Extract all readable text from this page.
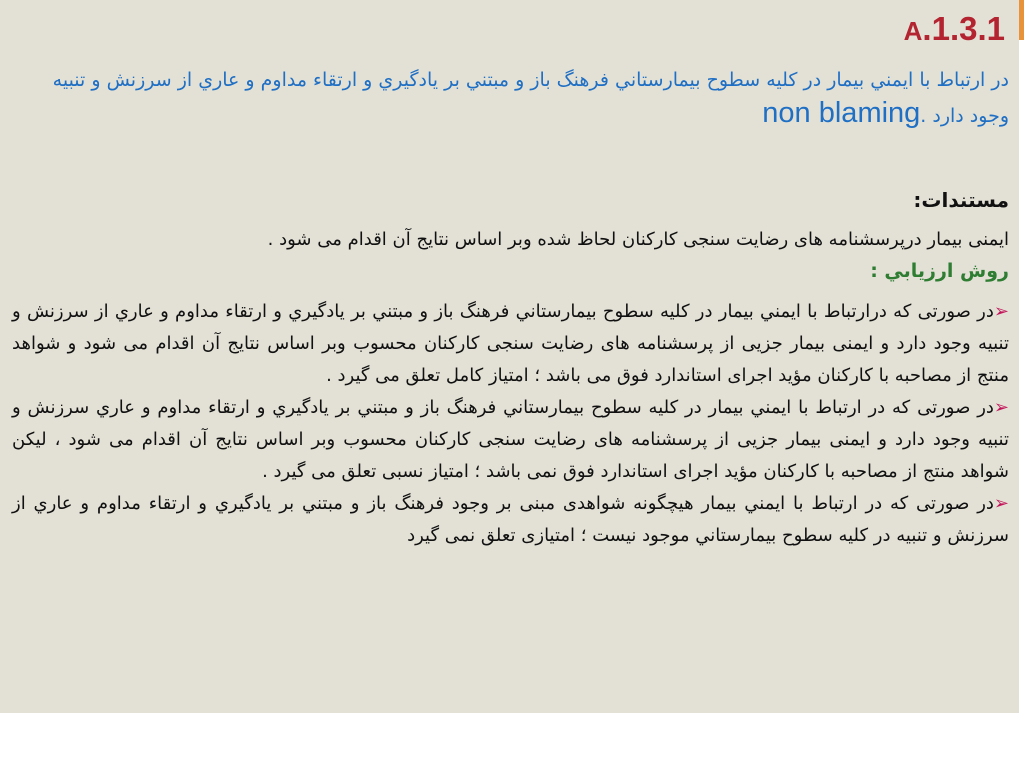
A.1.3.1

در ارتباط با ايمني بيمار در كليه سطوح بيمارستاني فرهنگ باز و مبتني بر يادگيري و ارتقاء مداوم و عاري از سرزنش و تنبيه وجود دارد .non blaming

مستندات:

ایمنی بیمار درپرسشنامه های رضایت سنجی کارکنان لحاظ شده وبر اساس نتایج آن اقدام می شود .

روش ارزيابي :

➢در صورتی که درارتباط با ايمني بيمار در كليه سطوح بيمارستاني فرهنگ باز و مبتني بر يادگيري و ارتقاء مداوم و عاري از سرزنش و تنبيه وجود دارد و ایمنی بیمار جزیی از پرسشنامه های رضایت سنجی کارکنان محسوب وبر اساس نتایج آن اقدام می شود و شواهد منتج از مصاحبه با کارکنان مؤید اجرای استاندارد فوق می باشد ؛ امتیاز کامل تعلق می گیرد .

➢در صورتی که در ارتباط با ايمني بيمار در كليه سطوح بيمارستاني فرهنگ باز و مبتني بر يادگيري و ارتقاء مداوم و عاري سرزنش و تنبيه وجود دارد و ایمنی بیمار جزیی از پرسشنامه های رضایت سنجی کارکنان محسوب وبر اساس نتایج آن اقدام می شود ، لیکن شواهد منتج از مصاحبه با کارکنان مؤید اجرای استاندارد فوق نمی باشد ؛ امتیاز نسبی تعلق می گیرد .

➢در صورتی که در ارتباط با ايمني بيمار هیچگونه شواهدی مبنی بر وجود فرهنگ باز و مبتني بر يادگيري و ارتقاء مداوم و عاري از سرزنش و تنبيه در كليه سطوح بيمارستاني موجود نیست ؛ امتیازی تعلق نمی گیرد
